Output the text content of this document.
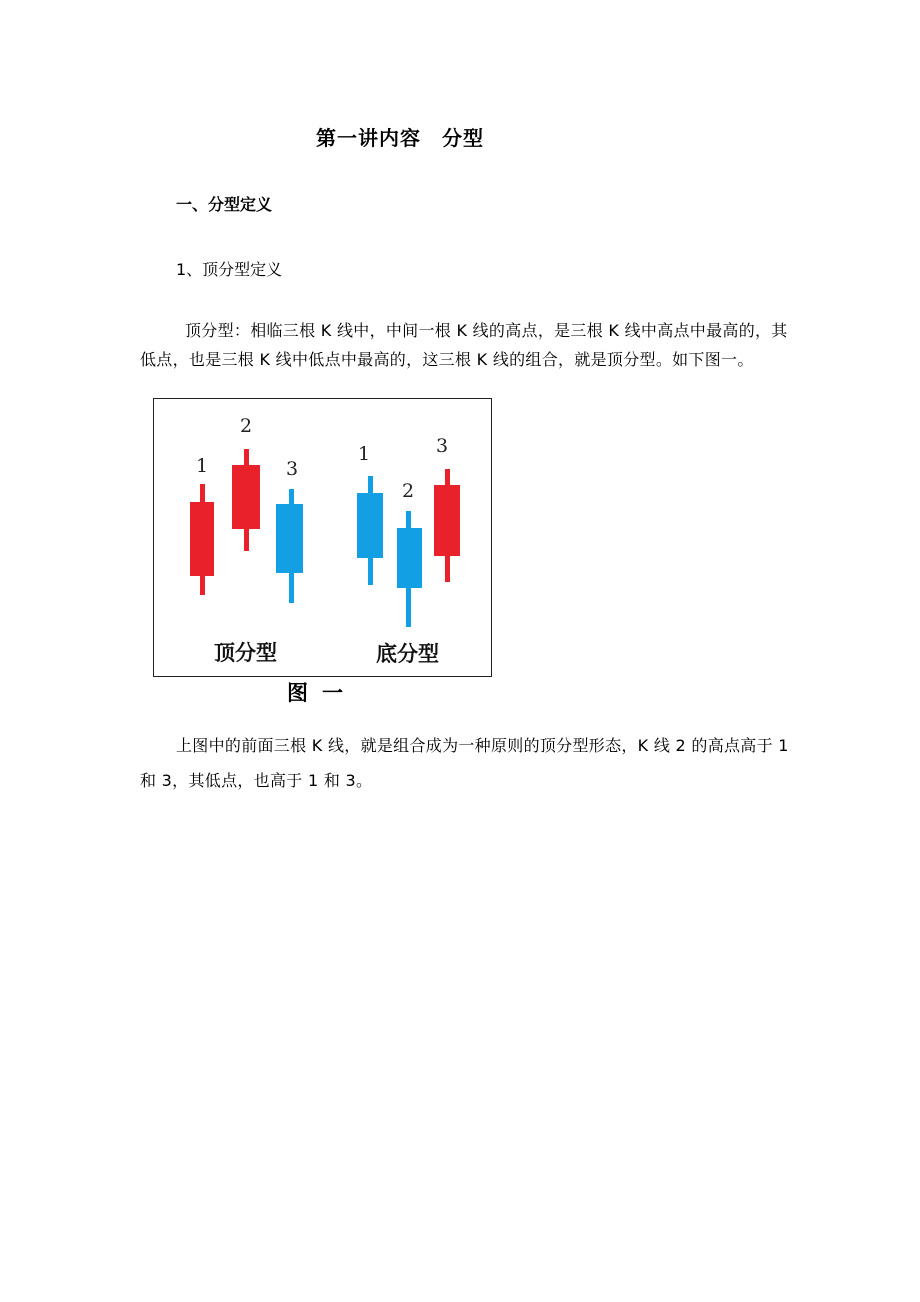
第一讲内容　分型
一、分型定义
1、顶分型定义
顶分型：相临三根 K 线中，中间一根 K 线的高点，是三根 K 线中高点中最高的，其
低点，也是三根 K 线中低点中最高的，这三根 K 线的组合，就是顶分型。如下图一。
1
2
3
1
2
3
顶分型	底分型
图一
上图中的前面三根 K 线，就是组合成为一种原则的顶分型形态，K 线 2 的高点高于 1
和 3，其低点，也高于 1 和 3。
